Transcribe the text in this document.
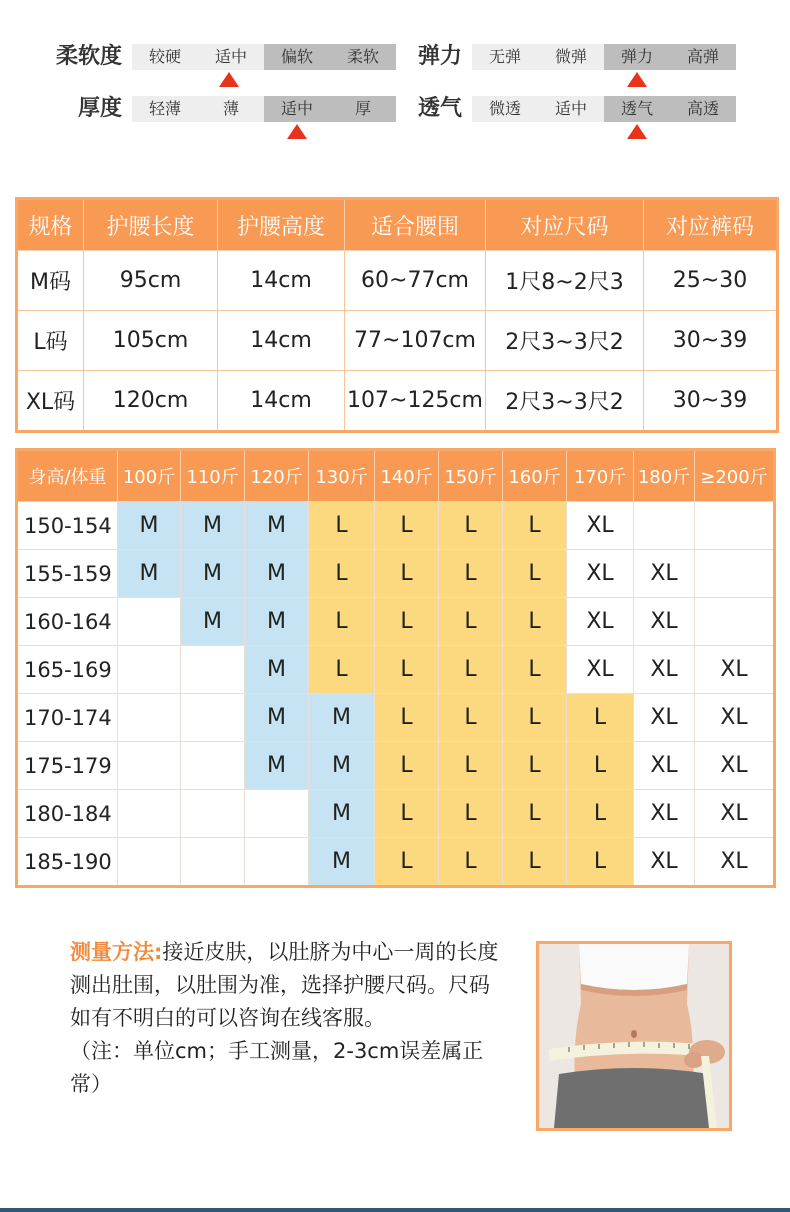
柔软度	较硬	适中	偏软	柔软	弹力	无弹	微弹	弹力	高弹
厚度	轻薄	薄	适中	厚	透气	微透	适中	透气	高透
规格	护腰长度	护腰高度	适合腰围	对应尺码	对应裤码
M码	95cm	14cm	60~77cm	1尺8~2尺3	25~30
L码	105cm	14cm	77~107cm	2尺3~3尺2	30~39
XL码	120cm	14cm	107~125cm	2尺3~3尺2	30~39
身高/体重	100斤	110斤	120斤	130斤	140斤	150斤	160斤	170斤	180斤	≥200斤
150-154	M	M	M	L	L	L	L	XL		
155-159	M	M	M	L	L	L	L	XL	XL	
160-164		M	M	L	L	L	L	XL	XL	
165-169			M	L	L	L	L	XL	XL	XL
170-174			M	M	L	L	L	L	XL	XL
175-179			M	M	L	L	L	L	XL	XL
180-184				M	L	L	L	L	XL	XL
185-190				M	L	L	L	L	XL	XL
测量方法:接近皮肤，以肚脐为中心一周的长度测出肚围，以肚围为准，选择护腰尺码。尺码如有不明白的可以咨询在线客服。
（注：单位cm；手工测量，2-3cm误差属正常）
